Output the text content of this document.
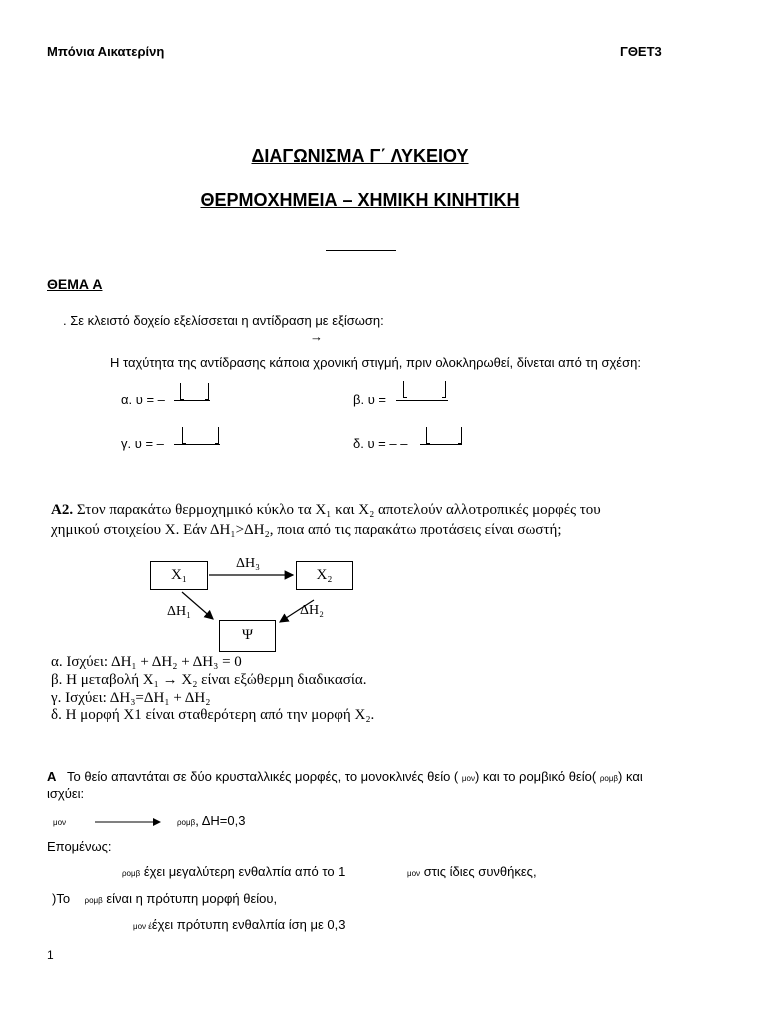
Μπόνια Αικατερίνη	ΓΘΕΤ3
ΔΙΑΓΩΝΙΣΜΑ Γ΄ ΛΥΚΕΙΟΥ
ΘΕΡΜΟΧΗΜΕΙΑ – ΧΗΜΙΚΗ ΚΙΝΗΤΙΚΗ
ΘΕΜΑ Α
. Σε κλειστό δοχείο εξελίσσεται η αντίδραση με εξίσωση:
→
Η ταχύτητα της αντίδρασης κάποια χρονική στιγμή, πριν ολοκληρωθεί, δίνεται από τη σχέση:
α. υ = –	β. υ =
γ. υ = –	δ. υ = – –
A2. Στον παρακάτω θερμοχημικό κύκλο τα Χ₁ και Χ₂ αποτελούν αλλοτροπικές μορφές του
χημικού στοιχείου Χ. Εάν ΔΗ₁>ΔΗ₂, ποια από τις παρακάτω προτάσεις είναι σωστή;
X₁	X₂
Ψ
ΔH₃
ΔH₁	ΔH₂
α. Ισχύει: ΔΗ₁ + ΔΗ₂ + ΔΗ₃ = 0
β. Η μεταβολή Χ₁ → Χ₂ είναι εξώθερμη διαδικασία.
γ. Ισχύει: ΔΗ₃=ΔΗ₁ + ΔΗ₂
δ. Η μορφή Χ1 είναι σταθερότερη από την μορφή Χ₂.
Α Το θείο απαντάται σε δύο κρυσταλλικές μορφές, το μονοκλινές θείο ( μον) και το ρομβικό θείο( ρομβ) και
ισχύει:
μον	ρομβ, ΔΗ=0,3
Επομένως:
ρομβ έχει μεγαλύτερη ενθαλπία από το 1	μον στις ίδιες συνθήκες,
)Το ρομβ είναι η πρότυπη μορφή θείου,
μον έέχει πρότυπη ενθαλπία ίση με 0,3
1
